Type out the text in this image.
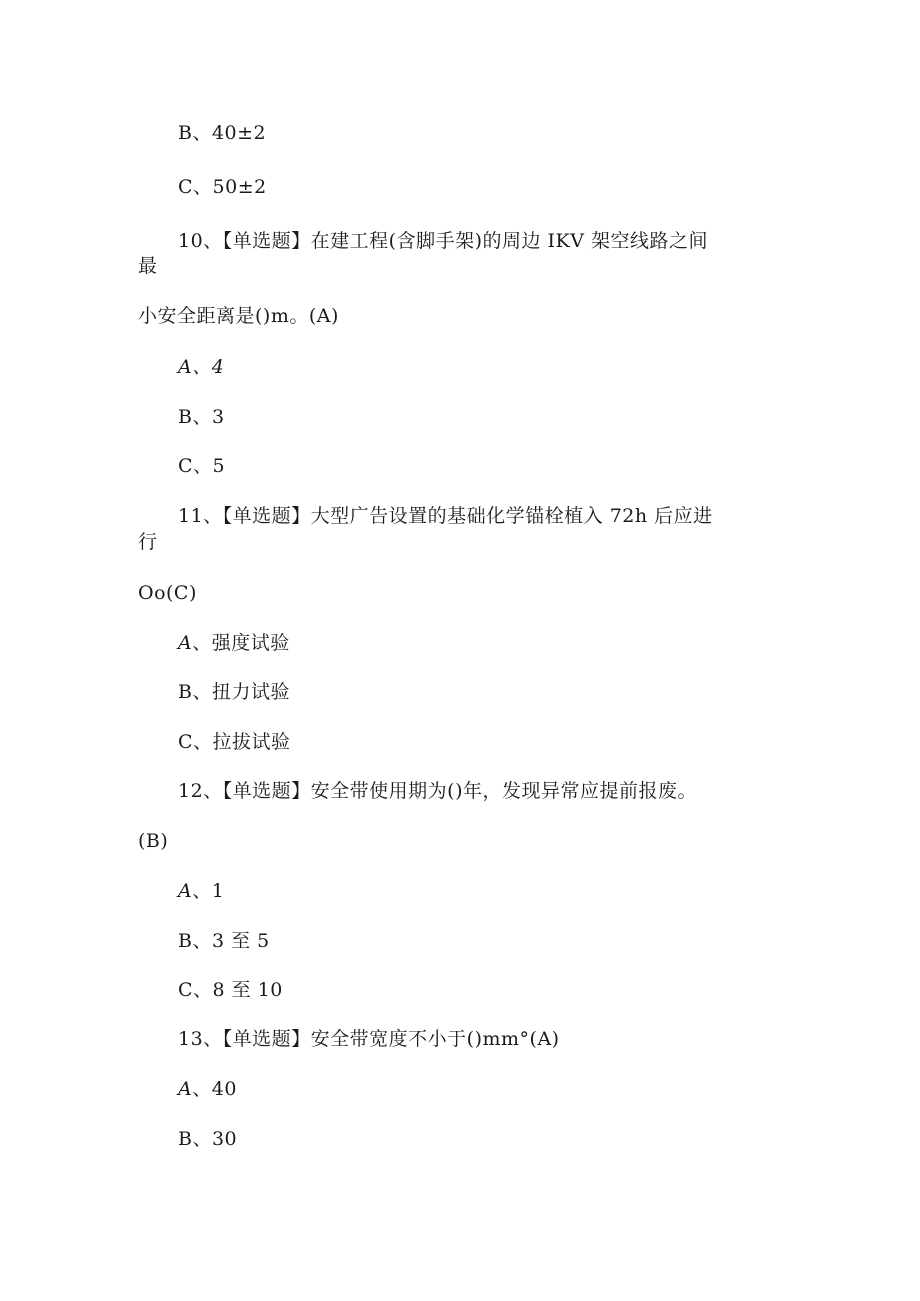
B、40±2
C、50±2
10、【单选题】在建工程(含脚手架)的周边 IKV 架空线路之间
最
小安全距离是()m。(A)
A、4
B、3
C、5
11、【单选题】大型广告设置的基础化学锚栓植入 72h 后应进
行
Oo(C)
A、强度试验
B、扭力试验
C、拉拔试验
12、【单选题】安全带使用期为()年，发现异常应提前报废。
(B)
A、1
B、3 至 5
C、8 至 10
13、【单选题】安全带宽度不小于()mm°(A)
A、40
B、30
